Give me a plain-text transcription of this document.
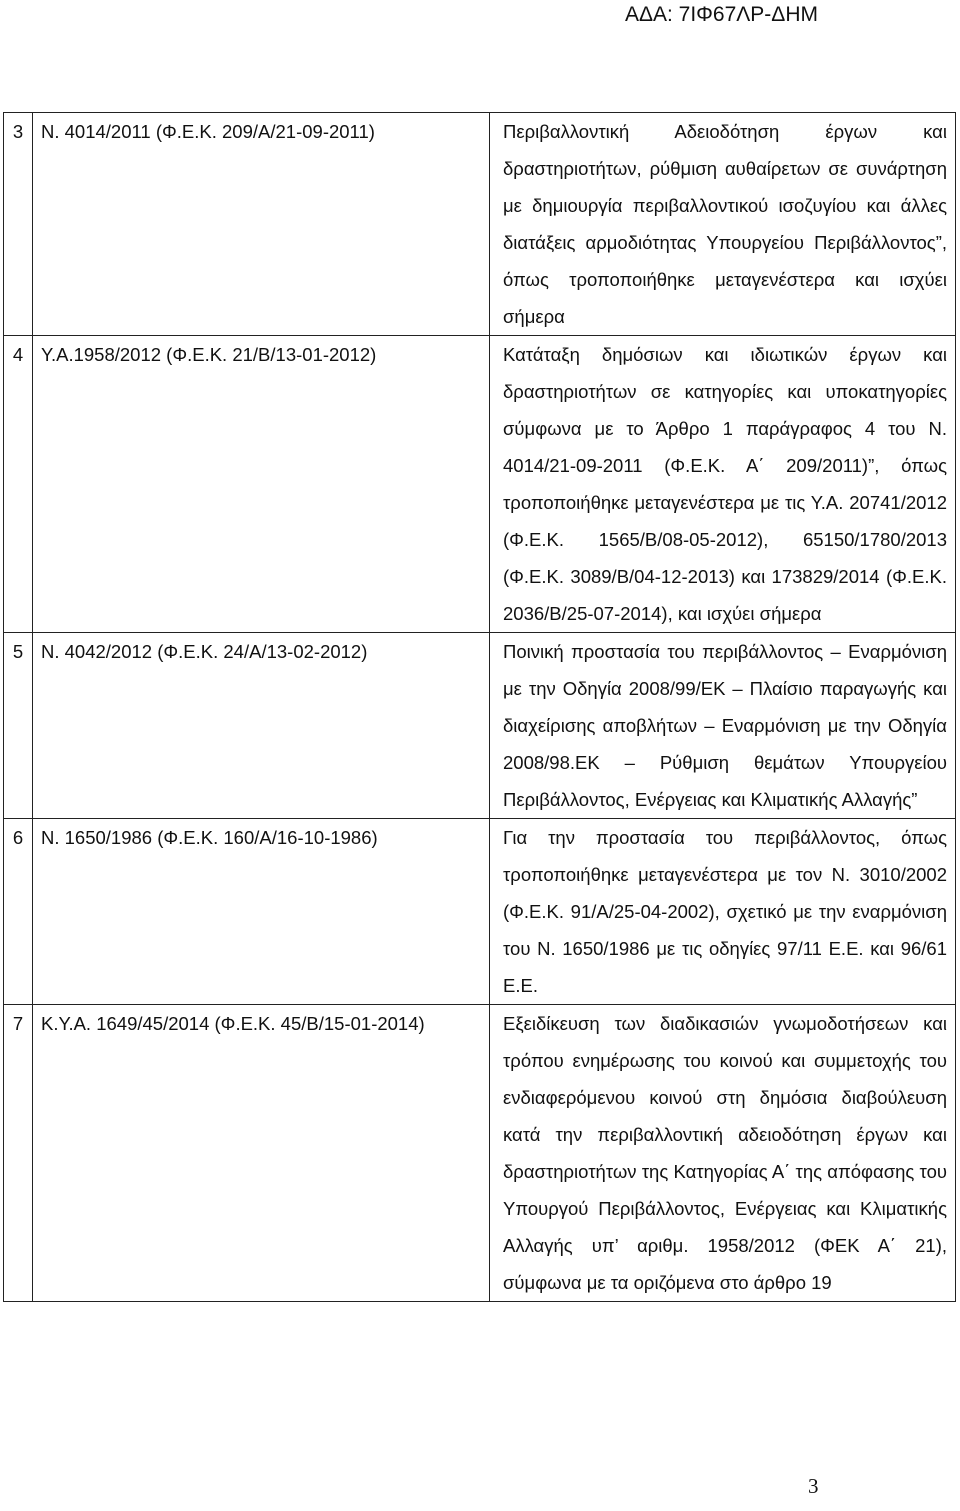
ΑΔΑ: 7ΙΦ67ΛΡ-ΔΗΜ
3	Ν. 4014/2011 (Φ.Ε.Κ. 209/Α/21-09-2011)	Περιβαλλοντική Αδειοδότηση έργων και δραστηριοτήτων, ρύθμιση αυθαίρετων σε συνάρτηση με δημιουργία περιβαλλοντικού ισοζυγίου και άλλες διατάξεις αρμοδιότητας Υπουργείου Περιβάλλοντος”, όπως τροποποιήθηκε μεταγενέστερα και ισχύει σήμερα

4	Υ.Α.1958/2012 (Φ.Ε.Κ. 21/Β/13-01-2012)	Κατάταξη δημόσιων και ιδιωτικών έργων και δραστηριοτήτων σε κατηγορίες και υποκατηγορίες σύμφωνα με το Άρθρο 1 παράγραφος 4 του Ν. 4014/21-09-2011 (Φ.Ε.Κ. Α΄ 209/2011)”, όπως τροποποιήθηκε μεταγενέστερα με τις Υ.Α. 20741/2012 (Φ.Ε.Κ. 1565/Β/08-05-2012), 65150/1780/2013 (Φ.Ε.Κ. 3089/Β/04-12-2013) και 173829/2014 (Φ.Ε.Κ. 2036/Β/25-07-2014), και ισχύει σήμερα

5	Ν. 4042/2012 (Φ.Ε.Κ. 24/Α/13-02-2012)	Ποινική προστασία του περιβάλλοντος – Εναρμόνιση με την Οδηγία 2008/99/ΕΚ – Πλαίσιο παραγωγής και διαχείρισης αποβλήτων – Εναρμόνιση με την Οδηγία 2008/98.ΕΚ – Ρύθμιση θεμάτων Υπουργείου Περιβάλλοντος, Ενέργειας και Κλιματικής Αλλαγής”

6	Ν. 1650/1986 (Φ.Ε.Κ. 160/Α/16-10-1986)	Για την προστασία του περιβάλλοντος, όπως τροποποιήθηκε μεταγενέστερα με τον Ν. 3010/2002 (Φ.Ε.Κ. 91/Α/25-04-2002), σχετικό με την εναρμόνιση του Ν. 1650/1986 με τις οδηγίες 97/11 Ε.Ε. και 96/61 Ε.Ε.

7	Κ.Υ.Α. 1649/45/2014 (Φ.Ε.Κ. 45/Β/15-01-2014)	Εξειδίκευση των διαδικασιών γνωμοδοτήσεων και τρόπου ενημέρωσης του κοινού και συμμετοχής του ενδιαφερόμενου κοινού στη δημόσια διαβούλευση κατά την περιβαλλοντική αδειοδότηση έργων και δραστηριοτήτων της Κατηγορίας Α΄ της απόφασης του Υπουργού Περιβάλλοντος, Ενέργειας και Κλιματικής Αλλαγής υπ’ αριθμ. 1958/2012 (ΦΕΚ Α΄ 21), σύμφωνα με τα οριζόμενα στο άρθρο 19
3
